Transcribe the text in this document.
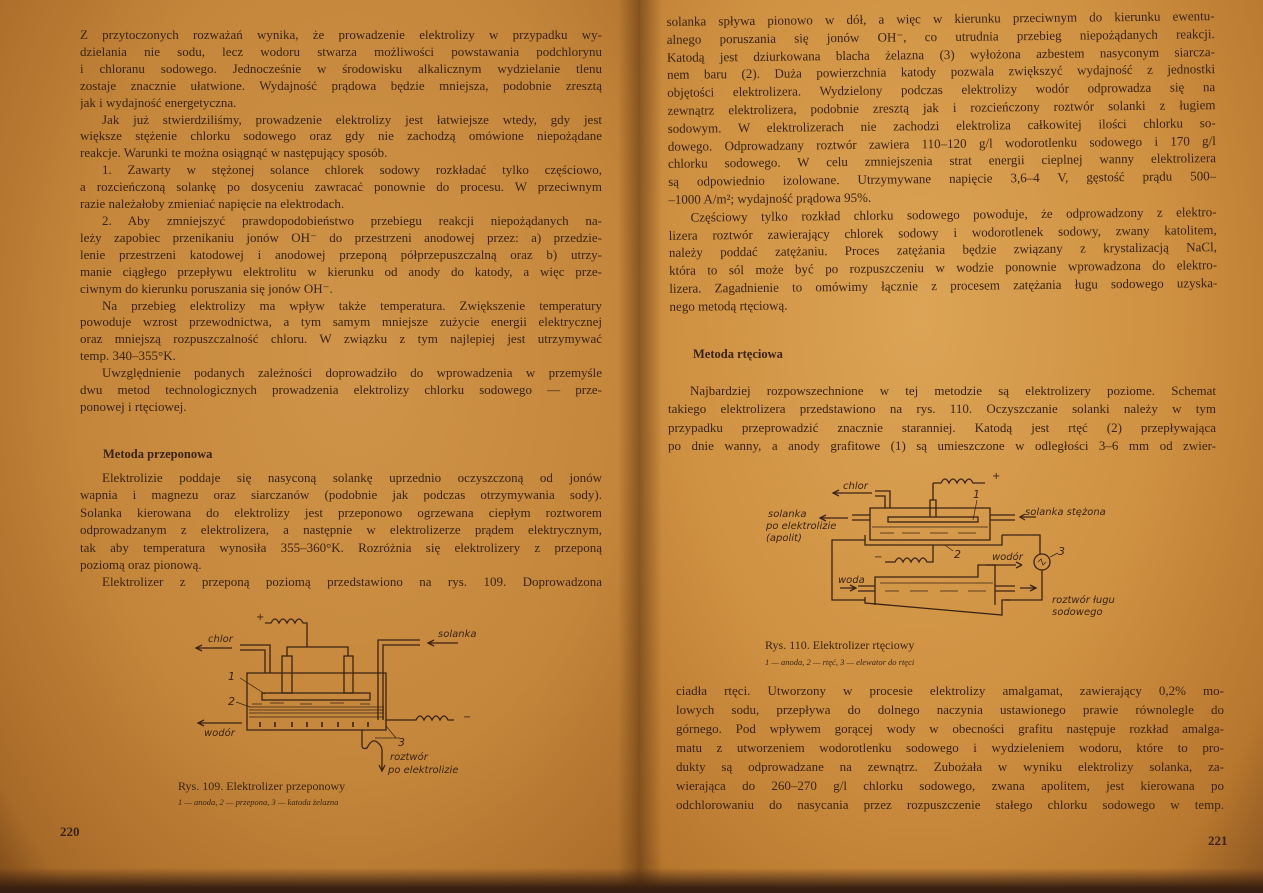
Z przytoczonych rozważań wynika, że prowadzenie elektrolizy w przypadku wy-
dzielania nie sodu, lecz wodoru stwarza możliwości powstawania podchlorynu
i chloranu sodowego. Jednocześnie w środowisku alkalicznym wydzielanie tlenu
zostaje znacznie ułatwione. Wydajność prądowa będzie mniejsza, podobnie zresztą
jak i wydajność energetyczna.
Jak już stwierdziliśmy, prowadzenie elektrolizy jest łatwiejsze wtedy, gdy jest
większe stężenie chlorku sodowego oraz gdy nie zachodzą omówione niepożądane
reakcje. Warunki te można osiągnąć w następujący sposób.
1. Zawarty w stężonej solance chlorek sodowy rozkładać tylko częściowo,
a rozcieńczoną solankę po dosyceniu zawracać ponownie do procesu. W przeciwnym
razie należałoby zmieniać napięcie na elektrodach.
2. Aby zmniejszyć prawdopodobieństwo przebiegu reakcji niepożądanych na-
leży zapobiec przenikaniu jonów OH⁻ do przestrzeni anodowej przez: a) przedzie-
lenie przestrzeni katodowej i anodowej przeponą półprzepuszczalną oraz b) utrzy-
manie ciągłego przepływu elektrolitu w kierunku od anody do katody, a więc prze-
ciwnym do kierunku poruszania się jonów OH⁻.
Na przebieg elektrolizy ma wpływ także temperatura. Zwiększenie temperatury
powoduje wzrost przewodnictwa, a tym samym mniejsze zużycie energii elektrycznej
oraz mniejszą rozpuszczalność chloru. W związku z tym najlepiej jest utrzymywać
temp. 340–355°K.
Uwzględnienie podanych zależności doprowadziło do wprowadzenia w przemyśle
dwu metod technologicznych prowadzenia elektrolizy chlorku sodowego — prze-
ponowej i rtęciowej.
Metoda przeponowa
Elektrolizie poddaje się nasyconą solankę uprzednio oczyszczoną od jonów
wapnia i magnezu oraz siarczanów (podobnie jak podczas otrzymywania sody).
Solanka kierowana do elektrolizy jest przeponowo ogrzewana ciepłym roztworem
odprowadzanym z elektrolizera, a następnie w elektrolizerze prądem elektrycznym,
tak aby temperatura wynosiła 355–360°K. Rozróżnia się elektrolizery z przeponą
poziomą oraz pionową.
Elektrolizer z przeponą poziomą przedstawiono na rys. 109. Doprowadzona
+
chlor	solanka
wodór
−
1
2
3
roztwór
po elektrolizie
Rys. 109. Elektrolizer przeponowy
1 — anoda, 2 — przepona, 3 — katoda żelazna
220
solanka spływa pionowo w dół, a więc w kierunku przeciwnym do kierunku ewentu-
alnego poruszania się jonów OH⁻, co utrudnia przebieg niepożądanych reakcji.
Katodą jest dziurkowana blacha żelazna (3) wyłożona azbestem nasyconym siarcza-
nem baru (2). Duża powierzchnia katody pozwala zwiększyć wydajność z jednostki
objętości elektrolizera. Wydzielony podczas elektrolizy wodór odprowadza się na
zewnątrz elektrolizera, podobnie zresztą jak i rozcieńczony roztwór solanki z ługiem
sodowym. W elektrolizerach nie zachodzi elektroliza całkowitej ilości chlorku so-
dowego. Odprowadzany roztwór zawiera 110–120 g/l wodorotlenku sodowego i 170 g/l
chlorku sodowego. W celu zmniejszenia strat energii cieplnej wanny elektrolizera
są odpowiednio izolowane. Utrzymywane napięcie 3,6–4 V, gęstość prądu 500–
–1000 A/m²; wydajność prądowa 95%.
Częściowy tylko rozkład chlorku sodowego powoduje, że odprowadzony z elektro-
lizera roztwór zawierający chlorek sodowy i wodorotlenek sodowy, zwany katolitem,
należy poddać zatężaniu. Proces zatężania będzie związany z krystalizacją NaCl,
która to sól może być po rozpuszczeniu w wodzie ponownie wprowadzona do elektro-
lizera. Zagadnienie to omówimy łącznie z procesem zatężania ługu sodowego uzyska-
nego metodą rtęciową.
Metoda rtęciowa
Najbardziej rozpowszechnione w tej metodzie są elektrolizery poziome. Schemat
takiego elektrolizera przedstawiono na rys. 110. Oczyszczanie solanki należy w tym
przypadku przeprowadzić znacznie staranniej. Katodą jest rtęć (2) przepływająca
po dnie wanny, a anody grafitowe (1) są umieszczone w odległości 3–6 mm od zwier-
chlor
+
solanka stężona
solanka
po elektrolizie
(apolit)
1
2
−	3
wodór
woda
roztwór ługu
sodowego
Rys. 110. Elektrolizer rtęciowy
1 — anoda, 2 — rtęć, 3 — elewator do rtęci
ciadła rtęci. Utworzony w procesie elektrolizy amalgamat, zawierający 0,2% mo-
lowych sodu, przepływa do dolnego naczynia ustawionego prawie równolegle do
górnego. Pod wpływem gorącej wody w obecności grafitu następuje rozkład amalga-
matu z utworzeniem wodorotlenku sodowego i wydzieleniem wodoru, które to pro-
dukty są odprowadzane na zewnątrz. Zubożała w wyniku elektrolizy solanka, za-
wierająca do 260–270 g/l chlorku sodowego, zwana apolitem, jest kierowana po
odchlorowaniu do nasycania przez rozpuszczenie stałego chlorku sodowego w temp.
221
